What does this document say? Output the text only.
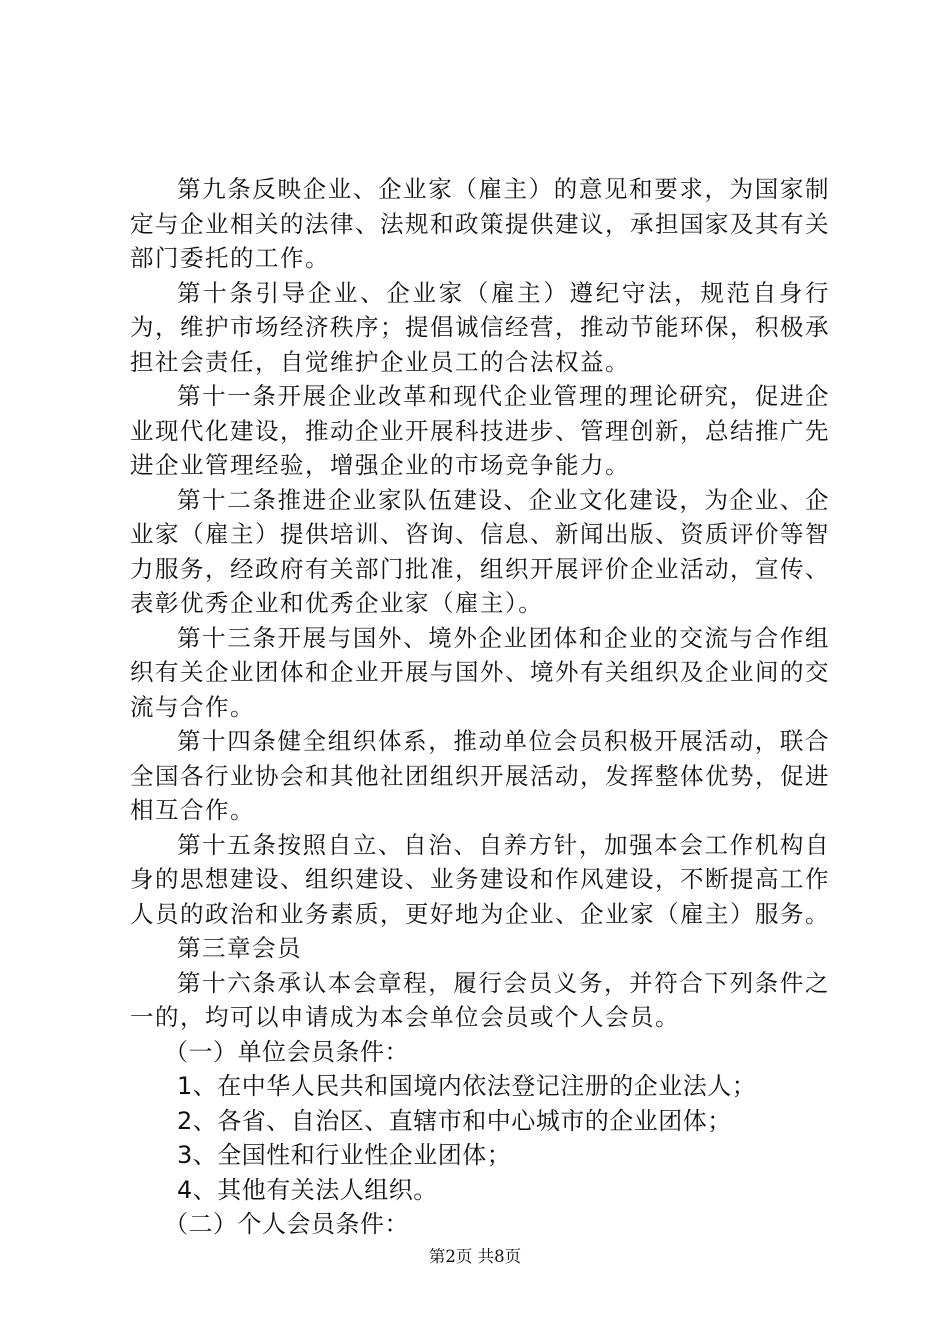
第九条反映企业、企业家（雇主）的意见和要求，为国家制定与企业相关的法律、法规和政策提供建议，承担国家及其有关部门委托的工作。

第十条引导企业、企业家（雇主）遵纪守法，规范自身行为，维护市场经济秩序；提倡诚信经营，推动节能环保，积极承担社会责任，自觉维护企业员工的合法权益。

第十一条开展企业改革和现代企业管理的理论研究，促进企业现代化建设，推动企业开展科技进步、管理创新，总结推广先进企业管理经验，增强企业的市场竞争能力。

第十二条推进企业家队伍建设、企业文化建设，为企业、企业家（雇主）提供培训、咨询、信息、新闻出版、资质评价等智力服务，经政府有关部门批准，组织开展评价企业活动，宣传、表彰优秀企业和优秀企业家（雇主）。

第十三条开展与国外、境外企业团体和企业的交流与合作组织有关企业团体和企业开展与国外、境外有关组织及企业间的交流与合作。

第十四条健全组织体系，推动单位会员积极开展活动，联合全国各行业协会和其他社团组织开展活动，发挥整体优势，促进相互合作。

第十五条按照自立、自治、自养方针，加强本会工作机构自身的思想建设、组织建设、业务建设和作风建设，不断提高工作人员的政治和业务素质，更好地为企业、企业家（雇主）服务。

第三章会员

第十六条承认本会章程，履行会员义务，并符合下列条件之一的，均可以申请成为本会单位会员或个人会员。

（一）单位会员条件：

1、在中华人民共和国境内依法登记注册的企业法人；

2、各省、自治区、直辖市和中心城市的企业团体；

3、全国性和行业性企业团体；

4、其他有关法人组织。

（二）个人会员条件：

第2页 共8页
